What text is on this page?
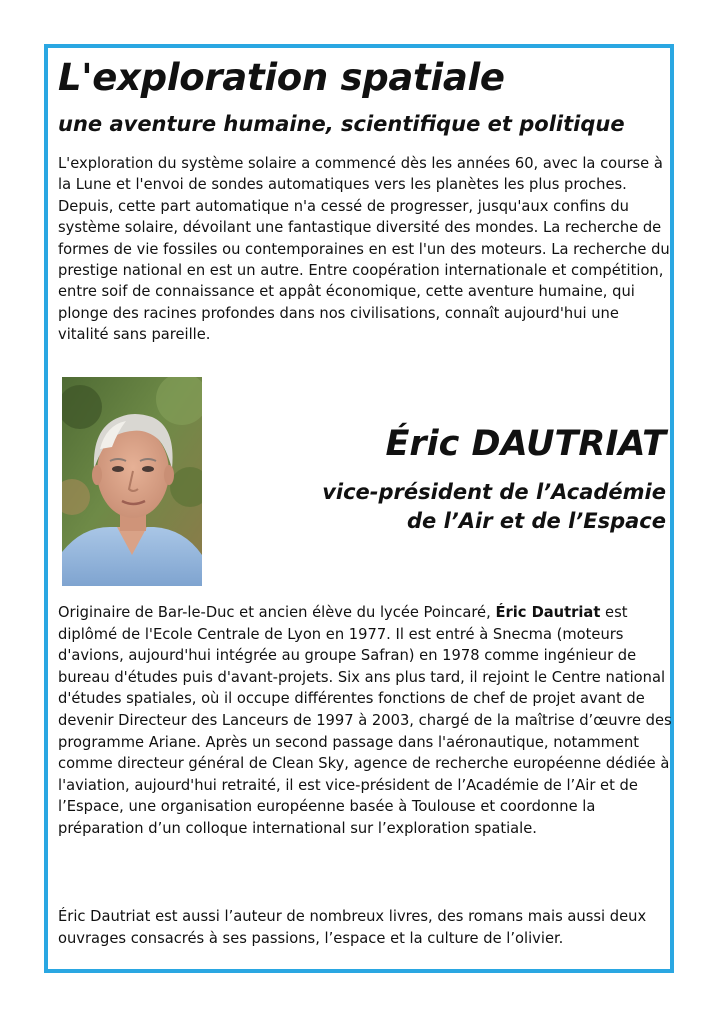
L'exploration spatiale
une aventure humaine, scientifique et politique

L'exploration du système solaire a commencé dès les années 60, avec la course à la Lune et l'envoi de sondes automatiques vers les planètes les plus proches. Depuis, cette part automatique n'a cessé de progresser, jusqu'aux confins du système solaire, dévoilant une fantastique diversité des mondes. La recherche de formes de vie fossiles ou contemporaines en est l'un des moteurs. La recherche du prestige national en est un autre. Entre coopération internationale et compétition, entre soif de connaissance et appât économique, cette aventure humaine, qui plonge des racines profondes dans nos civilisations, connaît aujourd'hui une vitalité sans pareille.

Éric DAUTRIAT
vice-président de l’Académie
de l’Air et de l’Espace

Originaire de Bar-le-Duc et ancien élève du lycée Poincaré, Éric Dautriat est diplômé de l'Ecole Centrale de Lyon en 1977. Il est entré à Snecma (moteurs d'avions, aujourd'hui intégrée au groupe Safran) en 1978 comme ingénieur de bureau d'études puis d'avant-projets. Six ans plus tard, il rejoint le Centre national d'études spatiales, où il occupe différentes fonctions de chef de projet avant de devenir Directeur des Lanceurs de 1997 à 2003, chargé de la maîtrise d’œuvre des programme Ariane. Après un second passage dans l'aéronautique, notamment comme directeur général de Clean Sky, agence de recherche européenne dédiée à l'aviation, aujourd'hui retraité, il est vice-président de l’Académie de l’Air et de l’Espace, une organisation européenne basée à Toulouse et coordonne la préparation d’un colloque international sur l’exploration spatiale.

Éric Dautriat est aussi l’auteur de nombreux livres, des romans mais aussi deux ouvrages consacrés à ses passions, l’espace et la culture de l’olivier.
